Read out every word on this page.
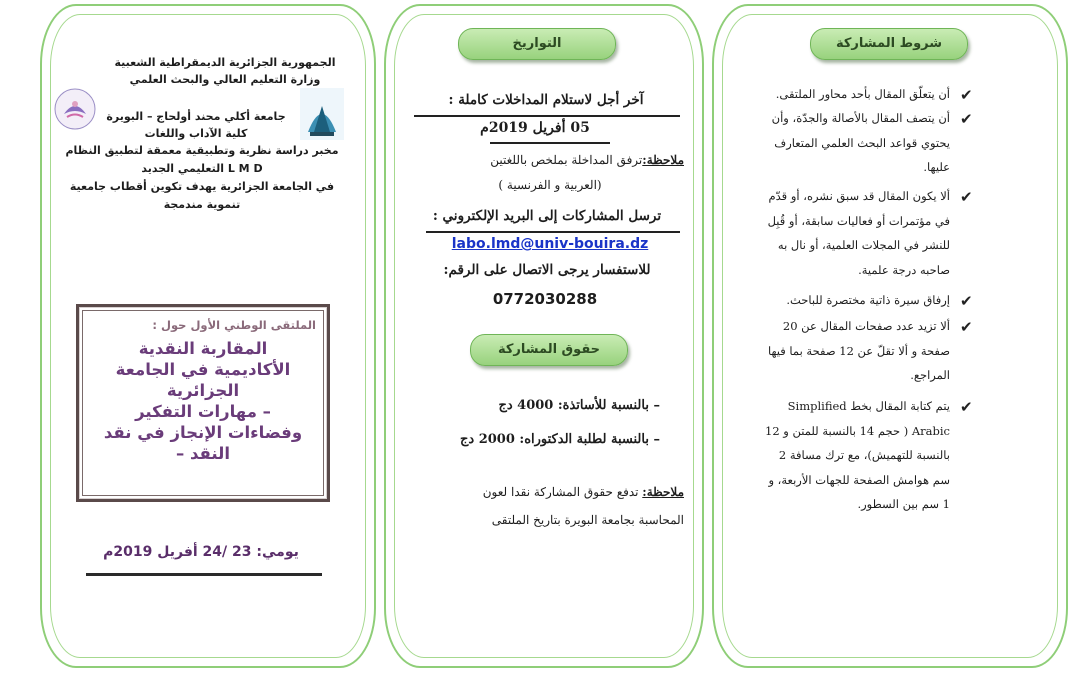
الجمهورية الجزائرية الديمقراطية الشعبية
وزارة التعليم العالي والبحث العلمي
جامعة أكلي محند أولحاج – البويرة
كلية الآداب واللغات
مخبر دراسة نظرية وتطبيقية معمقة لتطبيق النظام
L M D التعليمي الجديد
في الجامعة الجزائرية يهدف تكوين أقطاب جامعية
تنموية مندمجة
الملتقى الوطني الأول حول :
المقاربة النقدية
الأكاديمية في الجامعة
الجزائرية
– مهارات التفكير
وفضاءات الإنجاز في نقد
النقد –
يومي: 23 /24 أفريل 2019م
التواريخ
آخر أجل لاستلام المداخلات كاملة :
05 أفريل 2019م
ملاحظة:ترفق المداخلة بملخص باللغتين
(العربية و الفرنسية )
ترسل المشاركات إلى البريد الإلكتروني :
labo.lmd@univ-bouira.dz
للاستفسار يرجى الاتصال على الرقم:
0772030288
حقوق المشاركة
– بالنسبة للأساتذة: 4000 دج
– بالنسبة لطلبة الدكتوراه: 2000 دج
ملاحظة: تدفع حقوق المشاركة نقدا لعون
المحاسبة بجامعة البويرة بتاريخ الملتقى
شروط المشاركة
✔
أن يتعلّق المقال بأحد محاور الملتقى.
✔
أن يتصف المقال بالأصالة والجدّة، وأن يحتوي قواعد البحث العلمي المتعارف عليها.
✔
ألا يكون المقال قد سبق نشره، أو قدّم في مؤتمرات أو فعاليات سابقة، أو قُبِل للنشر في المجلات العلمية، أو نال به صاحبه درجة علمية.
✔
إرفاق سيرة ذاتية مختصرة للباحث.
✔
ألا تزيد عدد صفحات المقال عن 20 صفحة و ألا تقلّ عن 12 صفحة بما فيها المراجع.
✔
يتم كتابة المقال بخط Simplified Arabic ( حجم 14 بالنسبة للمتن و 12 بالنسبة للتهميش)، مع ترك مسافة 2 سم هوامش الصفحة للجهات الأربعة، و 1 سم بين السطور.
